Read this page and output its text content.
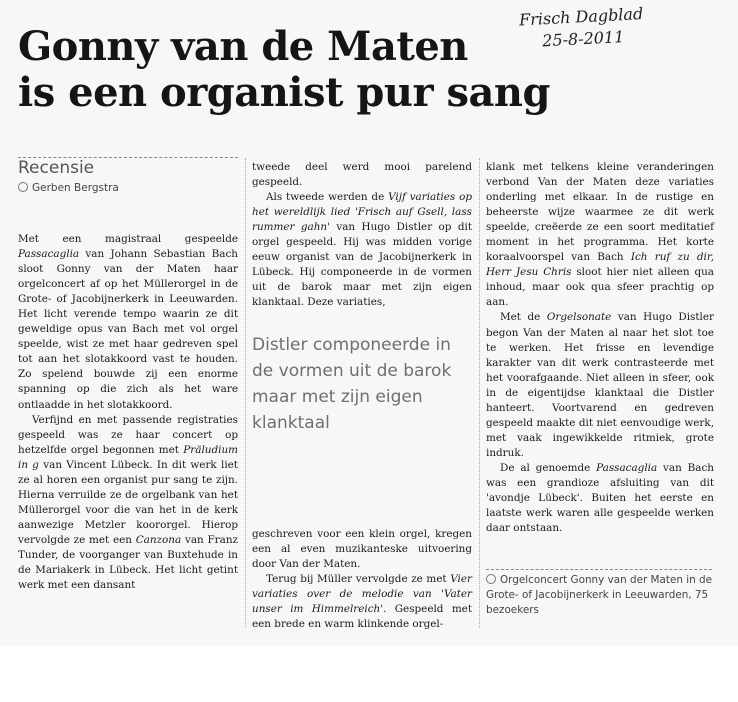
Frisch Dagblad
25-8-2011
Gonny van de Maten
is een organist pur sang
Recensie
Gerben Bergstra

Met een magistraal gespeelde Passacaglia van Johann Sebastian Bach sloot Gonny van der Maten haar orgelconcert af op het Müllerorgel in de Grote- of Jacobijnerkerk in Leeuwarden. Het licht verende tempo waarin ze dit geweldige opus van Bach met vol orgel speelde, wist ze met haar gedreven spel tot aan het slotakkoord vast te houden. Zo spelend bouwde zij een enorme spanning op die zich als het ware ontlaadde in het slotakkoord.

Verfijnd en met passende registraties gespeeld was ze haar concert op hetzelfde orgel begonnen met Präludium in g van Vincent Lübeck. In dit werk liet ze al horen een organist pur sang te zijn. Hierna verruilde ze de orgelbank van het Müllerorgel voor die van het in de kerk aanwezige Metzler koororgel. Hierop vervolgde ze met een Canzona van Franz Tunder, de voorganger van Buxtehude in de Mariakerk in Lübeck. Het licht getint werk met een dansant

tweede deel werd mooi parelend gespeeld.

Als tweede werden de Vijf variaties op het wereldlijk lied 'Frisch auf Gsell, lass rummer gahn' van Hugo Distler op dit orgel gespeeld. Hij was midden vorige eeuw organist van de Jacobijnerkerk in Lübeck. Hij componeerde in de vormen uit de barok maar met zijn eigen klanktaal. Deze variaties,

Distler componeerde in de vormen uit de barok maar met zijn eigen klanktaal

geschreven voor een klein orgel, kregen een al even muzikanteske uitvoering door Van der Maten.

Terug bij Müller vervolgde ze met Vier variaties over de melodie van 'Vater unser im Himmelreich'. Gespeeld met een brede en warm klinkende orgel-

klank met telkens kleine veranderingen verbond Van der Maten deze variaties onderling met elkaar. In de rustige en beheerste wijze waarmee ze dit werk speelde, creëerde ze een soort meditatief moment in het programma. Het korte koraalvoorspel van Bach Ich ruf zu dir, Herr Jesu Chris sloot hier niet alleen qua inhoud, maar ook qua sfeer prachtig op aan.

Met de Orgelsonate van Hugo Distler begon Van der Maten al naar het slot toe te werken. Het frisse en levendige karakter van dit werk contrasteerde met het voorafgaande. Niet alleen in sfeer, ook in de eigentijdse klanktaal die Distler hanteert. Voortvarend en gedreven gespeeld maakte dit niet eenvoudige werk, met vaak ingewikkelde ritmiek, grote indruk.

De al genoemde Passacaglia van Bach was een grandioze afsluiting van dit 'avondje Lübeck'. Buiten het eerste en laatste werk waren alle gespeelde werken daar ontstaan.

Orgelconcert Gonny van der Maten in de Grote- of Jacobijnerkerk in Leeuwarden, 75 bezoekers
